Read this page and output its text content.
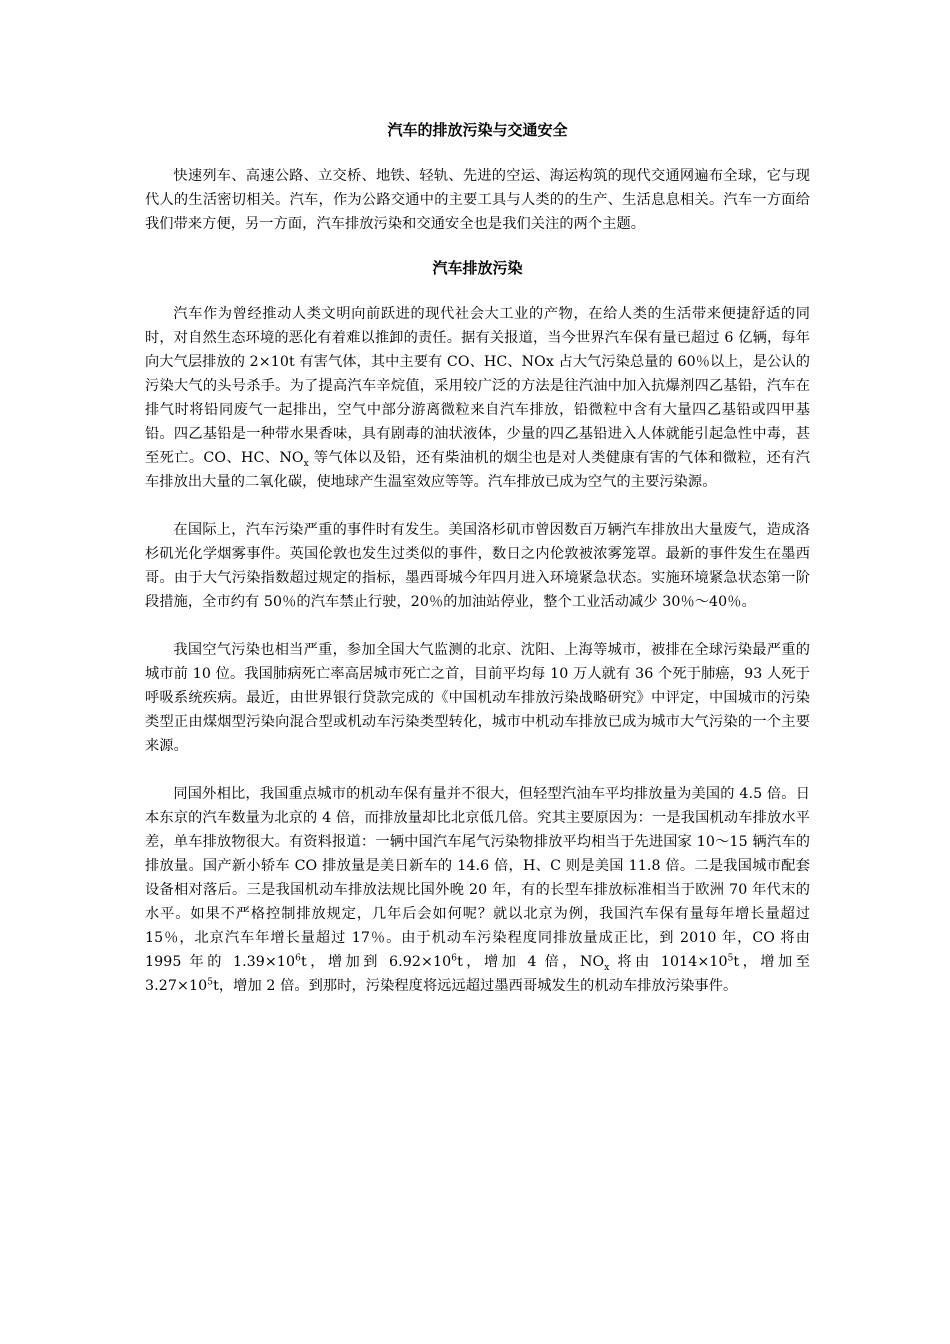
汽车的排放污染与交通安全

快速列车、高速公路、立交桥、地铁、轻轨、先进的空运、海运构筑的现代交通网遍布全球，它与现代人的生活密切相关。汽车，作为公路交通中的主要工具与人类的的生产、生活息息相关。汽车一方面给我们带来方便，另一方面，汽车排放污染和交通安全也是我们关注的两个主题。

汽车排放污染

汽车作为曾经推动人类文明向前跃进的现代社会大工业的产物，在给人类的生活带来便捷舒适的同时，对自然生态环境的恶化有着难以推卸的责任。据有关报道，当今世界汽车保有量已超过 6 亿辆，每年向大气层排放的 2×10t 有害气体，其中主要有 CO、HC、NOx 占大气污染总量的 60％以上，是公认的污染大气的头号杀手。为了提高汽车辛烷值，采用较广泛的方法是往汽油中加入抗爆剂四乙基铅，汽车在排气时将铅同废气一起排出，空气中部分游离微粒来自汽车排放，铅微粒中含有大量四乙基铅或四甲基铅。四乙基铅是一种带水果香味，具有剧毒的油状液体，少量的四乙基铅进入人体就能引起急性中毒，甚至死亡。CO、HC、$NO_x$ 等气体以及铅，还有柴油机的烟尘也是对人类健康有害的气体和微粒，还有汽车排放出大量的二氧化碳，使地球产生温室效应等等。汽车排放已成为空气的主要污染源。

在国际上，汽车污染严重的事件时有发生。美国洛杉矶市曾因数百万辆汽车排放出大量废气，造成洛杉矶光化学烟雾事件。英国伦敦也发生过类似的事件，数日之内伦敦被浓雾笼罩。最新的事件发生在墨西哥。由于大气污染指数超过规定的指标，墨西哥城今年四月进入环境紧急状态。实施环境紧急状态第一阶段措施，全市约有 50％的汽车禁止行驶，20％的加油站停业，整个工业活动减少 30％～40％。

我国空气污染也相当严重，参加全国大气监测的北京、沈阳、上海等城市，被排在全球污染最严重的城市前 10 位。我国肺病死亡率高居城市死亡之首，目前平均每 10 万人就有 36 个死于肺癌，93 人死于呼吸系统疾病。最近，由世界银行贷款完成的《中国机动车排放污染战略研究》中评定，中国城市的污染类型正由煤烟型污染向混合型或机动车污染类型转化，城市中机动车排放已成为城市大气污染的一个主要来源。

同国外相比，我国重点城市的机动车保有量并不很大，但轻型汽油车平均排放量为美国的 4.5 倍。日本东京的汽车数量为北京的 4 倍，而排放量却比北京低几倍。究其主要原因为：一是我国机动车排放水平差，单车排放物很大。有资料报道：一辆中国汽车尾气污染物排放平均相当于先进国家 10～15 辆汽车的排放量。国产新小轿车 CO 排放量是美日新车的 14.6 倍，H、C 则是美国 11.8 倍。二是我国城市配套设备相对落后。三是我国机动车排放法规比国外晚 20 年，有的长型车排放标准相当于欧洲 70 年代末的水平。如果不严格控制排放规定，几年后会如何呢？就以北京为例，我国汽车保有量每年增长量超过 15％，北京汽车年增长量超过 17％。由于机动车污染程度同排放量成正比，到 2010 年，CO 将由 1995 年的 $1.39\times 10^6t$，增加到 $6.92\times 10^6t$，增加 4 倍，$NO_x$ 将由 $1014\times 10^5t$，增加至 $3.27\times 10^5t$，增加 2 倍。到那时，污染程度将远远超过墨西哥城发生的机动车排放污染事件。
